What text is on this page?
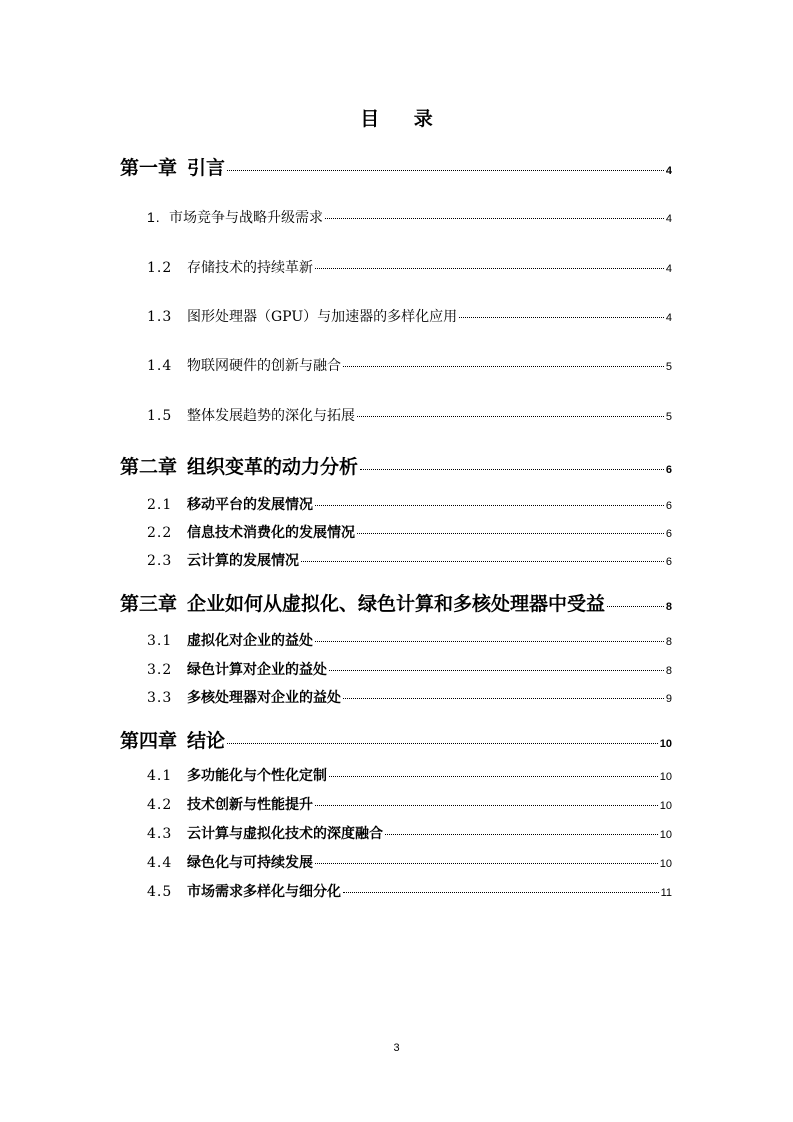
目 录
第一章 引言	4
1. 市场竞争与战略升级需求	4
1.2	存储技术的持续革新	4
1.3	图形处理器（GPU）与加速器的多样化应用	4
1.4	物联网硬件的创新与融合	5
1.5	整体发展趋势的深化与拓展	5
第二章 组织变革的动力分析	6
2.1	移动平台的发展情况	6
2.2	信息技术消费化的发展情况	6
2.3	云计算的发展情况	6
第三章 企业如何从虚拟化、绿色计算和多核处理器中受益	8
3.1	虚拟化对企业的益处	8
3.2	绿色计算对企业的益处	8
3.3	多核处理器对企业的益处	9
第四章 结论	10
4.1	多功能化与个性化定制	10
4.2	技术创新与性能提升	10
4.3	云计算与虚拟化技术的深度融合	10
4.4	绿色化与可持续发展	10
4.5	市场需求多样化与细分化	11
3
